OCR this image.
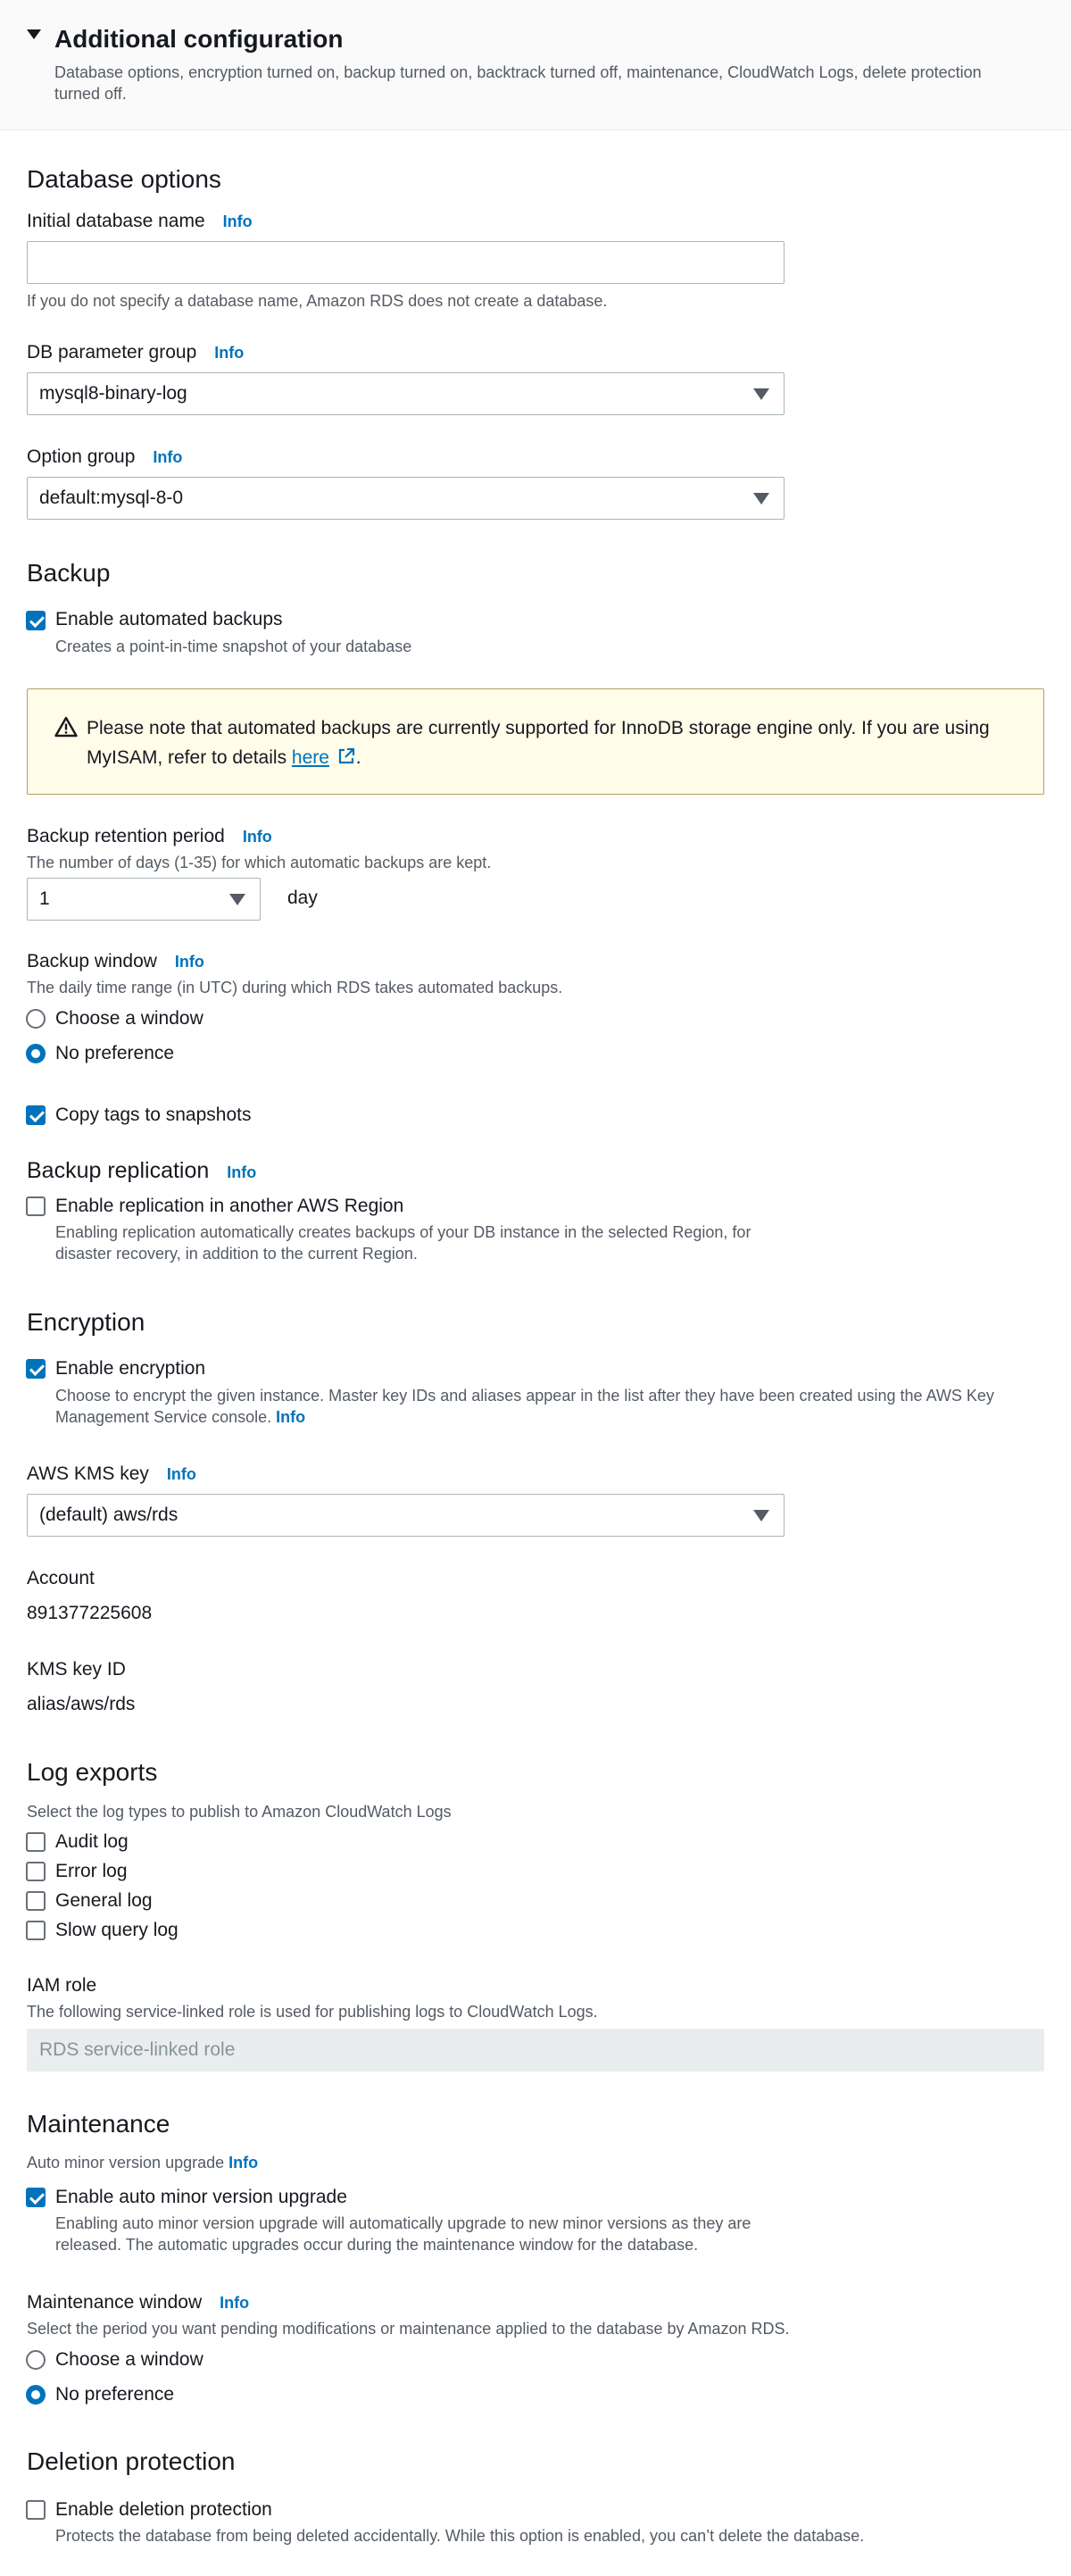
Additional configuration
Database options, encryption turned on, backup turned on, backtrack turned off, maintenance, CloudWatch Logs, delete protection turned off.
Database options
Initial database name Info
If you do not specify a database name, Amazon RDS does not create a database.
DB parameter group Info
mysql8-binary-log
Option group Info
default:mysql-8-0
Backup
Enable automated backups
Creates a point-in-time snapshot of your database
Please note that automated backups are currently supported for InnoDB storage engine only. If you are using MyISAM, refer to details here .
Backup retention period Info
The number of days (1-35) for which automatic backups are kept.
1	day
Backup window Info
The daily time range (in UTC) during which RDS takes automated backups.
Choose a window
No preference
Copy tags to snapshots
Backup replication Info
Enable replication in another AWS Region
Enabling replication automatically creates backups of your DB instance in the selected Region, for
disaster recovery, in addition to the current Region.
Encryption
Enable encryption
Choose to encrypt the given instance. Master key IDs and aliases appear in the list after they have been created using the AWS Key
Management Service console. Info
AWS KMS key Info
(default) aws/rds
Account
891377225608
KMS key ID
alias/aws/rds
Log exports
Select the log types to publish to Amazon CloudWatch Logs
Audit log
Error log
General log
Slow query log
IAM role
The following service-linked role is used for publishing logs to CloudWatch Logs.
RDS service-linked role
Maintenance
Auto minor version upgrade Info
Enable auto minor version upgrade
Enabling auto minor version upgrade will automatically upgrade to new minor versions as they are
released. The automatic upgrades occur during the maintenance window for the database.
Maintenance window Info
Select the period you want pending modifications or maintenance applied to the database by Amazon RDS.
Choose a window
No preference
Deletion protection
Enable deletion protection
Protects the database from being deleted accidentally. While this option is enabled, you can’t delete the database.
